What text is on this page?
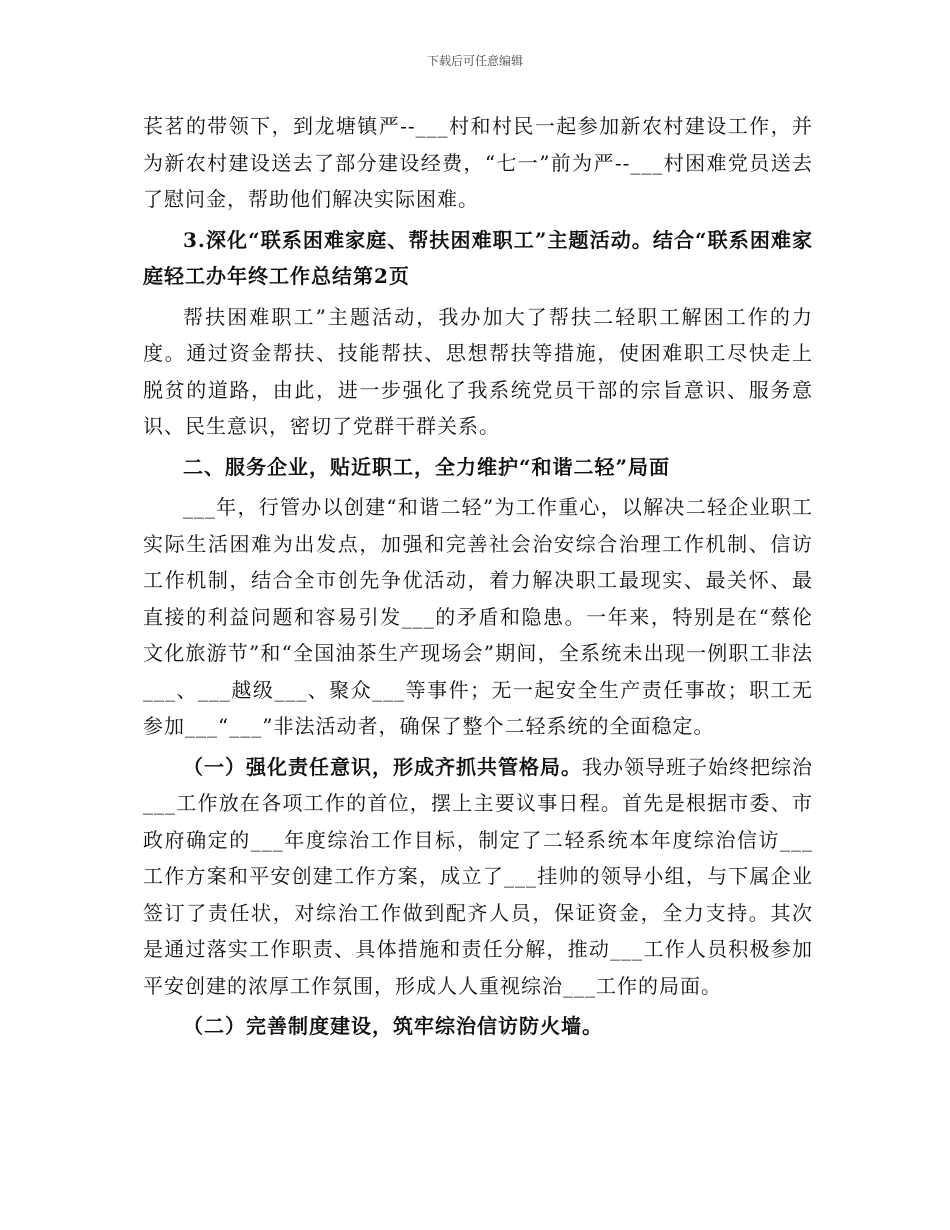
下载后可任意编辑

苌茗的带领下，到龙塘镇严--___村和村民一起参加新农村建设工作，并为新农村建设送去了部分建设经费，“七一”前为严--___村困难党员送去了慰问金，帮助他们解决实际困难。

3.深化“联系困难家庭、帮扶困难职工”主题活动。结合“联系困难家庭轻工办年终工作总结第2页

帮扶困难职工”主题活动，我办加大了帮扶二轻职工解困工作的力度。通过资金帮扶、技能帮扶、思想帮扶等措施，使困难职工尽快走上脱贫的道路，由此，进一步强化了我系统党员干部的宗旨意识、服务意识、民生意识，密切了党群干群关系。

二、服务企业，贴近职工，全力维护“和谐二轻”局面

___年，行管办以创建“和谐二轻”为工作重心，以解决二轻企业职工实际生活困难为出发点，加强和完善社会治安综合治理工作机制、信访工作机制，结合全市创先争优活动，着力解决职工最现实、最关怀、最直接的利益问题和容易引发___的矛盾和隐患。一年来，特别是在“蔡伦文化旅游节”和“全国油茶生产现场会”期间，全系统未出现一例职工非法___、___越级___、聚众___等事件；无一起安全生产责任事故；职工无参加___“___”非法活动者，确保了整个二轻系统的全面稳定。

（一）强化责任意识，形成齐抓共管格局。我办领导班子始终把综治___工作放在各项工作的首位，摆上主要议事日程。首先是根据市委、市政府确定的___年度综治工作目标，制定了二轻系统本年度综治信访___工作方案和平安创建工作方案，成立了___挂帅的领导小组，与下属企业签订了责任状，对综治工作做到配齐人员，保证资金，全力支持。其次是通过落实工作职责、具体措施和责任分解，推动___工作人员积极参加平安创建的浓厚工作氛围，形成人人重视综治___工作的局面。

（二）完善制度建设，筑牢综治信访防火墙。
